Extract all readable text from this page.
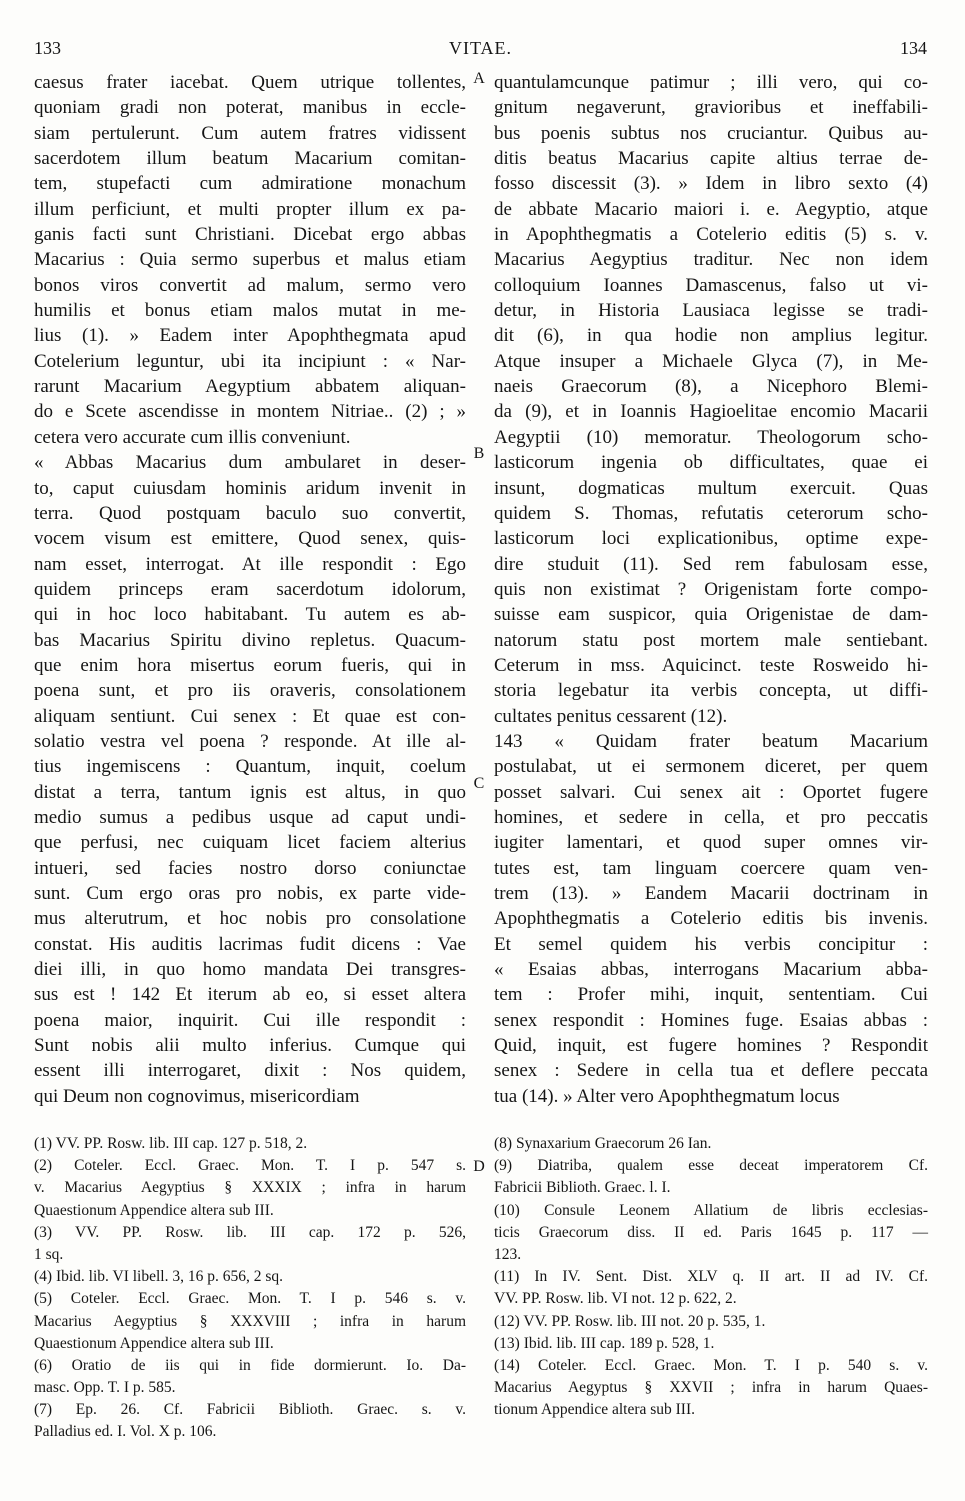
133	VITAE.	134
A
B
C
D
caesus frater iacebat. Quem utrique tollentes,
quoniam gradi non poterat, manibus in eccle-
siam pertulerunt. Cum autem fratres vidissent
sacerdotem illum beatum Macarium comitan-
tem, stupefacti cum admiratione monachum
illum perficiunt, et multi propter illum ex pa-
ganis facti sunt Christiani. Dicebat ergo abbas
Macarius : Quia sermo superbus et malus etiam
bonos viros convertit ad malum, sermo vero
humilis et bonus etiam malos mutat in me-
lius (1). » Eadem inter Apophthegmata apud
Cotelerium leguntur, ubi ita incipiunt : « Nar-
rarunt Macarium Aegyptium abbatem aliquan-
do e Scete ascendisse in montem Nitriae.. (2) ; »
cetera vero accurate cum illis conveniunt.
« Abbas Macarius dum ambularet in deser-
to, caput cuiusdam hominis aridum invenit in
terra. Quod postquam baculo suo convertit,
vocem visum est emittere, Quod senex, quis-
nam esset, interrogat. At ille respondit : Ego
quidem princeps eram sacerdotum idolorum,
qui in hoc loco habitabant. Tu autem es ab-
bas Macarius Spiritu divino repletus. Quacum-
que enim hora misertus eorum fueris, qui in
poena sunt, et pro iis oraveris, consolationem
aliquam sentiunt. Cui senex : Et quae est con-
solatio vestra vel poena ? responde. At ille al-
tius ingemiscens : Quantum, inquit, coelum
distat a terra, tantum ignis est altus, in quo
medio sumus a pedibus usque ad caput undi-
que perfusi, nec cuiquam licet faciem alterius
intueri, sed facies nostro dorso coniunctae
sunt. Cum ergo oras pro nobis, ex parte vide-
mus alterutrum, et hoc nobis pro consolatione
constat. His auditis lacrimas fudit dicens : Vae
diei illi, in quo homo mandata Dei transgres-
sus est ! 142 Et iterum ab eo, si esset altera
poena maior, inquirit. Cui ille respondit :
Sunt nobis alii multo inferius. Cumque qui
essent illi interrogaret, dixit : Nos quidem,
qui Deum non cognovimus, misericordiam
quantulamcunque patimur ; illi vero, qui co-
gnitum negaverunt, gravioribus et ineffabili-
bus poenis subtus nos cruciantur. Quibus au-
ditis beatus Macarius capite altius terrae de-
fosso discessit (3). » Idem in libro sexto (4)
de abbate Macario maiori i. e. Aegyptio, atque
in Apophthegmatis a Cotelerio editis (5) s. v.
Macarius Aegyptius traditur. Nec non idem
colloquium Ioannes Damascenus, falso ut vi-
detur, in Historia Lausiaca legisse se tradi-
dit (6), in qua hodie non amplius legitur.
Atque insuper a Michaele Glyca (7), in Me-
naeis Graecorum (8), a Nicephoro Blemi-
da (9), et in Ioannis Hagioelitae encomio Macarii
Aegyptii (10) memoratur. Theologorum scho-
lasticorum ingenia ob difficultates, quae ei
insunt, dogmaticas multum exercuit. Quas
quidem S. Thomas, refutatis ceterorum scho-
lasticorum loci explicationibus, optime expe-
dire studuit (11). Sed rem fabulosam esse,
quis non existimat ? Origenistam forte compo-
suisse eam suspicor, quia Origenistae de dam-
natorum statu post mortem male sentiebant.
Ceterum in mss. Aquicinct. teste Rosweido hi-
storia legebatur ita verbis concepta, ut diffi-
cultates penitus cessarent (12).
143 « Quidam frater beatum Macarium
postulabat, ut ei sermonem diceret, per quem
posset salvari. Cui senex ait : Oportet fugere
homines, et sedere in cella, et pro peccatis
iugiter lamentari, et quod super omnes vir-
tutes est, tam linguam coercere quam ven-
trem (13). » Eandem Macarii doctrinam in
Apophthegmatis a Cotelerio editis bis invenis.
Et semel quidem his verbis concipitur :
« Esaias abbas, interrogans Macarium abba-
tem : Profer mihi, inquit, sententiam. Cui
senex respondit : Homines fuge. Esaias abbas :
Quid, inquit, est fugere homines ? Respondit
senex : Sedere in cella tua et deflere peccata
tua (14). » Alter vero Apophthegmatum locus
(1) VV. PP. Rosw. lib. III cap. 127 p. 518, 2.
(2) Coteler. Eccl. Graec. Mon. T. I p. 547 s.
v. Macarius Aegyptius § XXXIX ; infra in harum
Quaestionum Appendice altera sub III.
(3) VV. PP. Rosw. lib. III cap. 172 p. 526,
1 sq.
(4) Ibid. lib. VI libell. 3, 16 p. 656, 2 sq.
(5) Coteler. Eccl. Graec. Mon. T. I p. 546 s. v.
Macarius Aegyptius § XXXVIII ; infra in harum
Quaestionum Appendice altera sub III.
(6) Oratio de iis qui in fide dormierunt. Io. Da-
masc. Opp. T. I p. 585.
(7) Ep. 26. Cf. Fabricii Biblioth. Graec. s. v.
Palladius ed. I. Vol. X p. 106.
(8) Synaxarium Graecorum 26 Ian.
(9) Diatriba, qualem esse deceat imperatorem Cf.
Fabricii Biblioth. Graec. l. I.
(10) Consule Leonem Allatium de libris ecclesias-
ticis Graecorum diss. II ed. Paris 1645 p. 117 —
123.
(11) In IV. Sent. Dist. XLV q. II art. II ad IV. Cf.
VV. PP. Rosw. lib. VI not. 12 p. 622, 2.
(12) VV. PP. Rosw. lib. III not. 20 p. 535, 1.
(13) Ibid. lib. III cap. 189 p. 528, 1.
(14) Coteler. Eccl. Graec. Mon. T. I p. 540 s. v.
Macarius Aegyptus § XXVII ; infra in harum Quaes-
tionum Appendice altera sub III.
